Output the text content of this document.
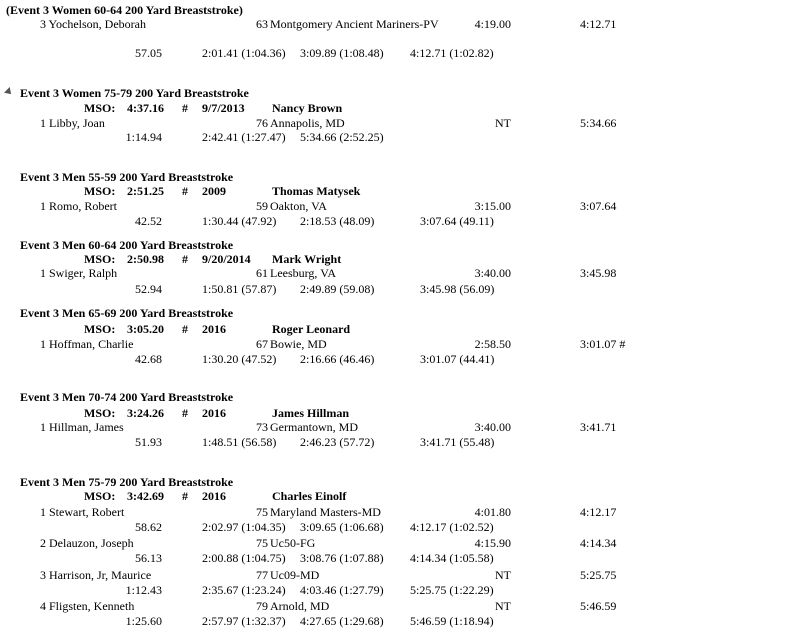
(Event 3 Women 60-64 200 Yard Breaststroke)
3 Yochelson, Deborah	63 Montgomery Ancient Mariners-PV	4:19.00	4:12.71
57.05	2:01.41 (1:04.36) 3:09.89 (1:08.48) 4:12.71 (1:02.82)
Event 3 Women 75-79 200 Yard Breaststroke
MSO: 4:37.16 # 9/7/2013 Nancy Brown
1 Libby, Joan	76 Annapolis, MD	NT	5:34.66
1:14.94	2:42.41 (1:27.47) 5:34.66 (2:52.25)
Event 3 Men 55-59 200 Yard Breaststroke
MSO: 2:51.25 # 2009	Thomas Matysek
1 Romo, Robert	59 Oakton, VA	3:15.00	3:07.64
42.52	1:30.44 (47.92) 2:18.53 (48.09)	3:07.64 (49.11)
Event 3 Men 60-64 200 Yard Breaststroke
MSO: 2:50.98 # 9/20/2014 Mark Wright
1 Swiger, Ralph	61 Leesburg, VA	3:40.00	3:45.98
52.94	1:50.81 (57.87) 2:49.89 (59.08)	3:45.98 (56.09)
Event 3 Men 65-69 200 Yard Breaststroke
MSO: 3:05.20 # 2016	Roger Leonard
1 Hoffman, Charlie	67 Bowie, MD	2:58.50	3:01.07 #
42.68	1:30.20 (47.52) 2:16.66 (46.46)	3:01.07 (44.41)
Event 3 Men 70-74 200 Yard Breaststroke
MSO: 3:24.26 # 2016	James Hillman
1 Hillman, James	73 Germantown, MD	3:40.00	3:41.71
51.93	1:48.51 (56.58) 2:46.23 (57.72)	3:41.71 (55.48)
Event 3 Men 75-79 200 Yard Breaststroke
MSO: 3:42.69 # 2016	Charles Einolf
1 Stewart, Robert	75 Maryland Masters-MD	4:01.80	4:12.17
58.62	2:02.97 (1:04.35) 3:09.65 (1:06.68) 4:12.17 (1:02.52)
2 Delauzon, Joseph	75 Uc50-FG	4:15.90	4:14.34
56.13	2:00.88 (1:04.75) 3:08.76 (1:07.88) 4:14.34 (1:05.58)
3 Harrison, Jr, Maurice	77 Uc09-MD	NT	5:25.75
1:12.43	2:35.67 (1:23.24) 4:03.46 (1:27.79) 5:25.75 (1:22.29)
4 Fligsten, Kenneth	79 Arnold, MD	NT	5:46.59
1:25.60	2:57.97 (1:32.37) 4:27.65 (1:29.68) 5:46.59 (1:18.94)
